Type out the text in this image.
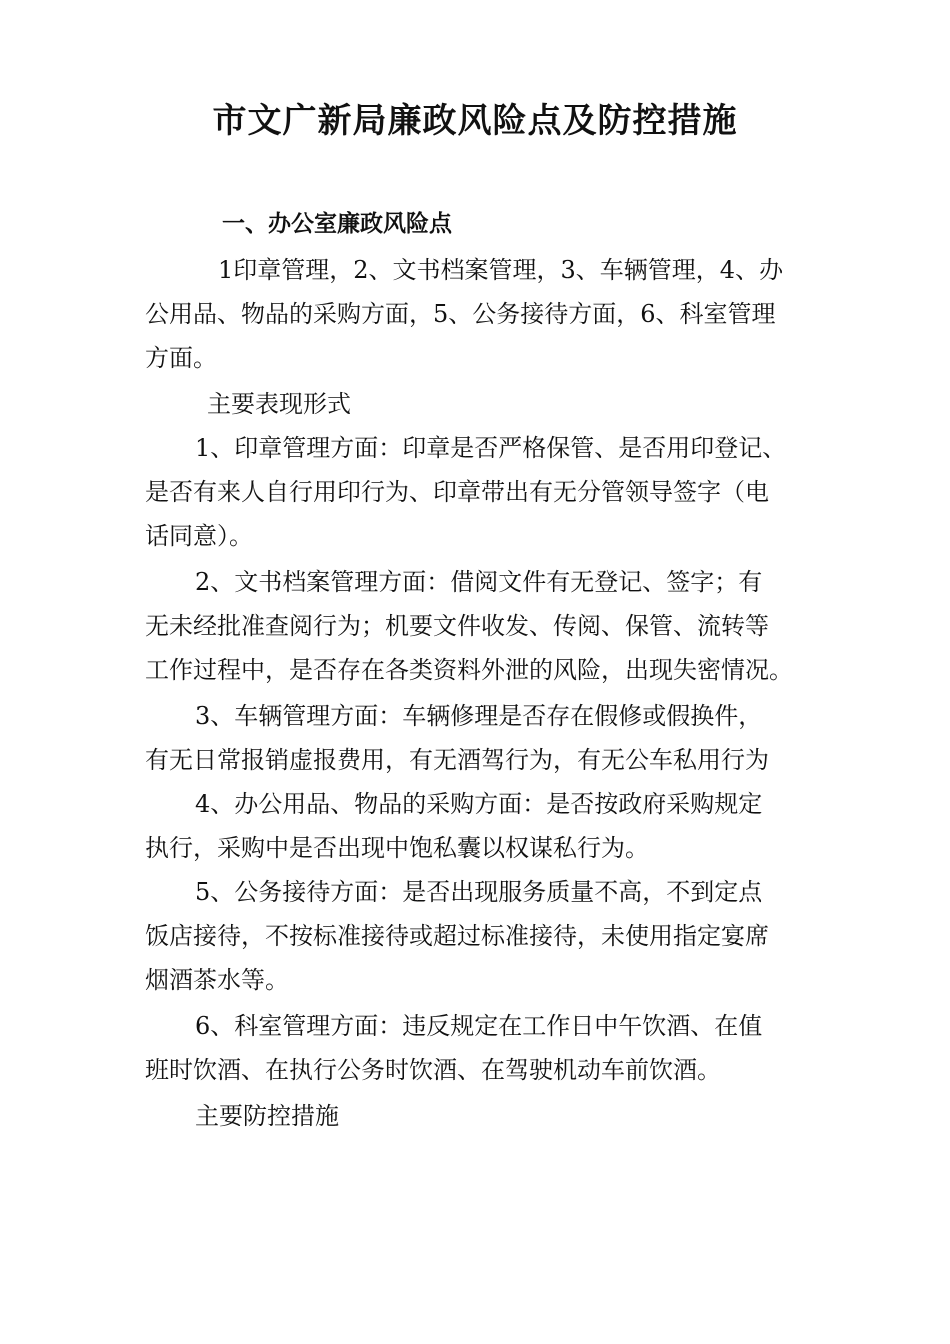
市文广新局廉政风险点及防控措施

一、办公室廉政风险点

1印章管理，2、文书档案管理，3、车辆管理，4、办

公用品、物品的采购方面，5、公务接待方面，6、科室管理

方面。

主要表现形式

1、印章管理方面：印章是否严格保管、是否用印登记、

是否有来人自行用印行为、印章带出有无分管领导签字（电

话同意）。

2、文书档案管理方面：借阅文件有无登记、签字；有

无未经批准查阅行为；机要文件收发、传阅、保管、流转等

工作过程中，是否存在各类资料外泄的风险，出现失密情况。

3、车辆管理方面：车辆修理是否存在假修或假换件，

有无日常报销虚报费用，有无酒驾行为，有无公车私用行为

4、办公用品、物品的采购方面：是否按政府采购规定

执行，采购中是否出现中饱私囊以权谋私行为。

5、公务接待方面：是否出现服务质量不高，不到定点

饭店接待，不按标准接待或超过标准接待，未使用指定宴席

烟酒茶水等。

6、科室管理方面：违反规定在工作日中午饮酒、在值

班时饮酒、在执行公务时饮酒、在驾驶机动车前饮酒。

主要防控措施
